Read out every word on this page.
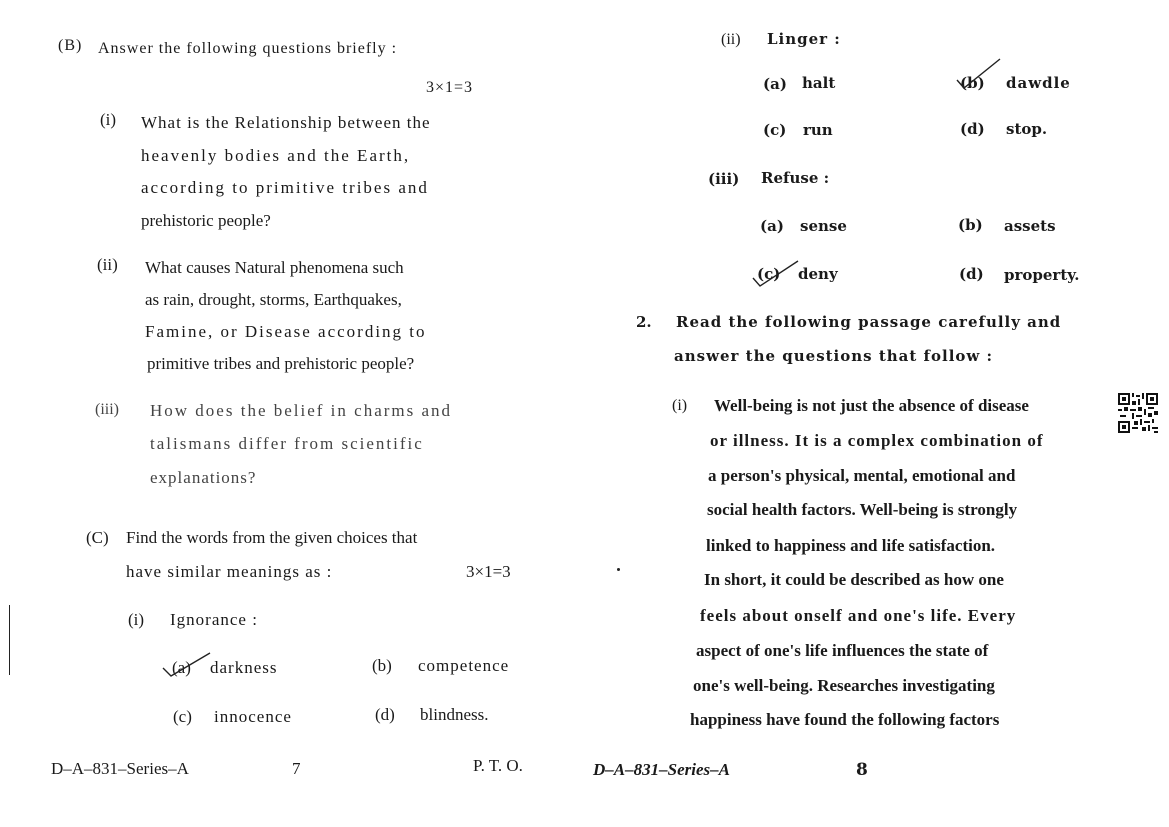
(B) Answer the following questions briefly :
3×1=3
(i) What is the Relationship between the
heavenly bodies and the Earth,
according to primitive tribes and
prehistoric people?
(ii) What causes Natural phenomena such
as rain, drought, storms, Earthquakes,
Famine, or Disease according to
primitive tribes and prehistoric people?
(iii) How does the belief in charms and
talismans differ from scientific
explanations?
(C) Find the words from the given choices that
have similar meanings as :	3×1=3
(i) Ignorance :
(a) darkness	(b) competence
(c) innocence	(d) blindness.
D–A–831–Series–A	7	P. T. O.
(ii) Linger :
(a) halt	(b) dawdle
(c) run	(d) stop.
(iii) Refuse :
(a) sense	(b) assets
(c) deny	(d) property.
2. Read the following passage carefully and
answer the questions that follow :
(i) Well-being is not just the absence of disease
or illness. It is a complex combination of
a person's physical, mental, emotional and
social health factors. Well-being is strongly
linked to happiness and life satisfaction.
In short, it could be described as how one
feels about onself and one's life. Every
aspect of one's life influences the state of
one's well-being. Researches investigating
happiness have found the following factors
D–A–831–Series–A	8
